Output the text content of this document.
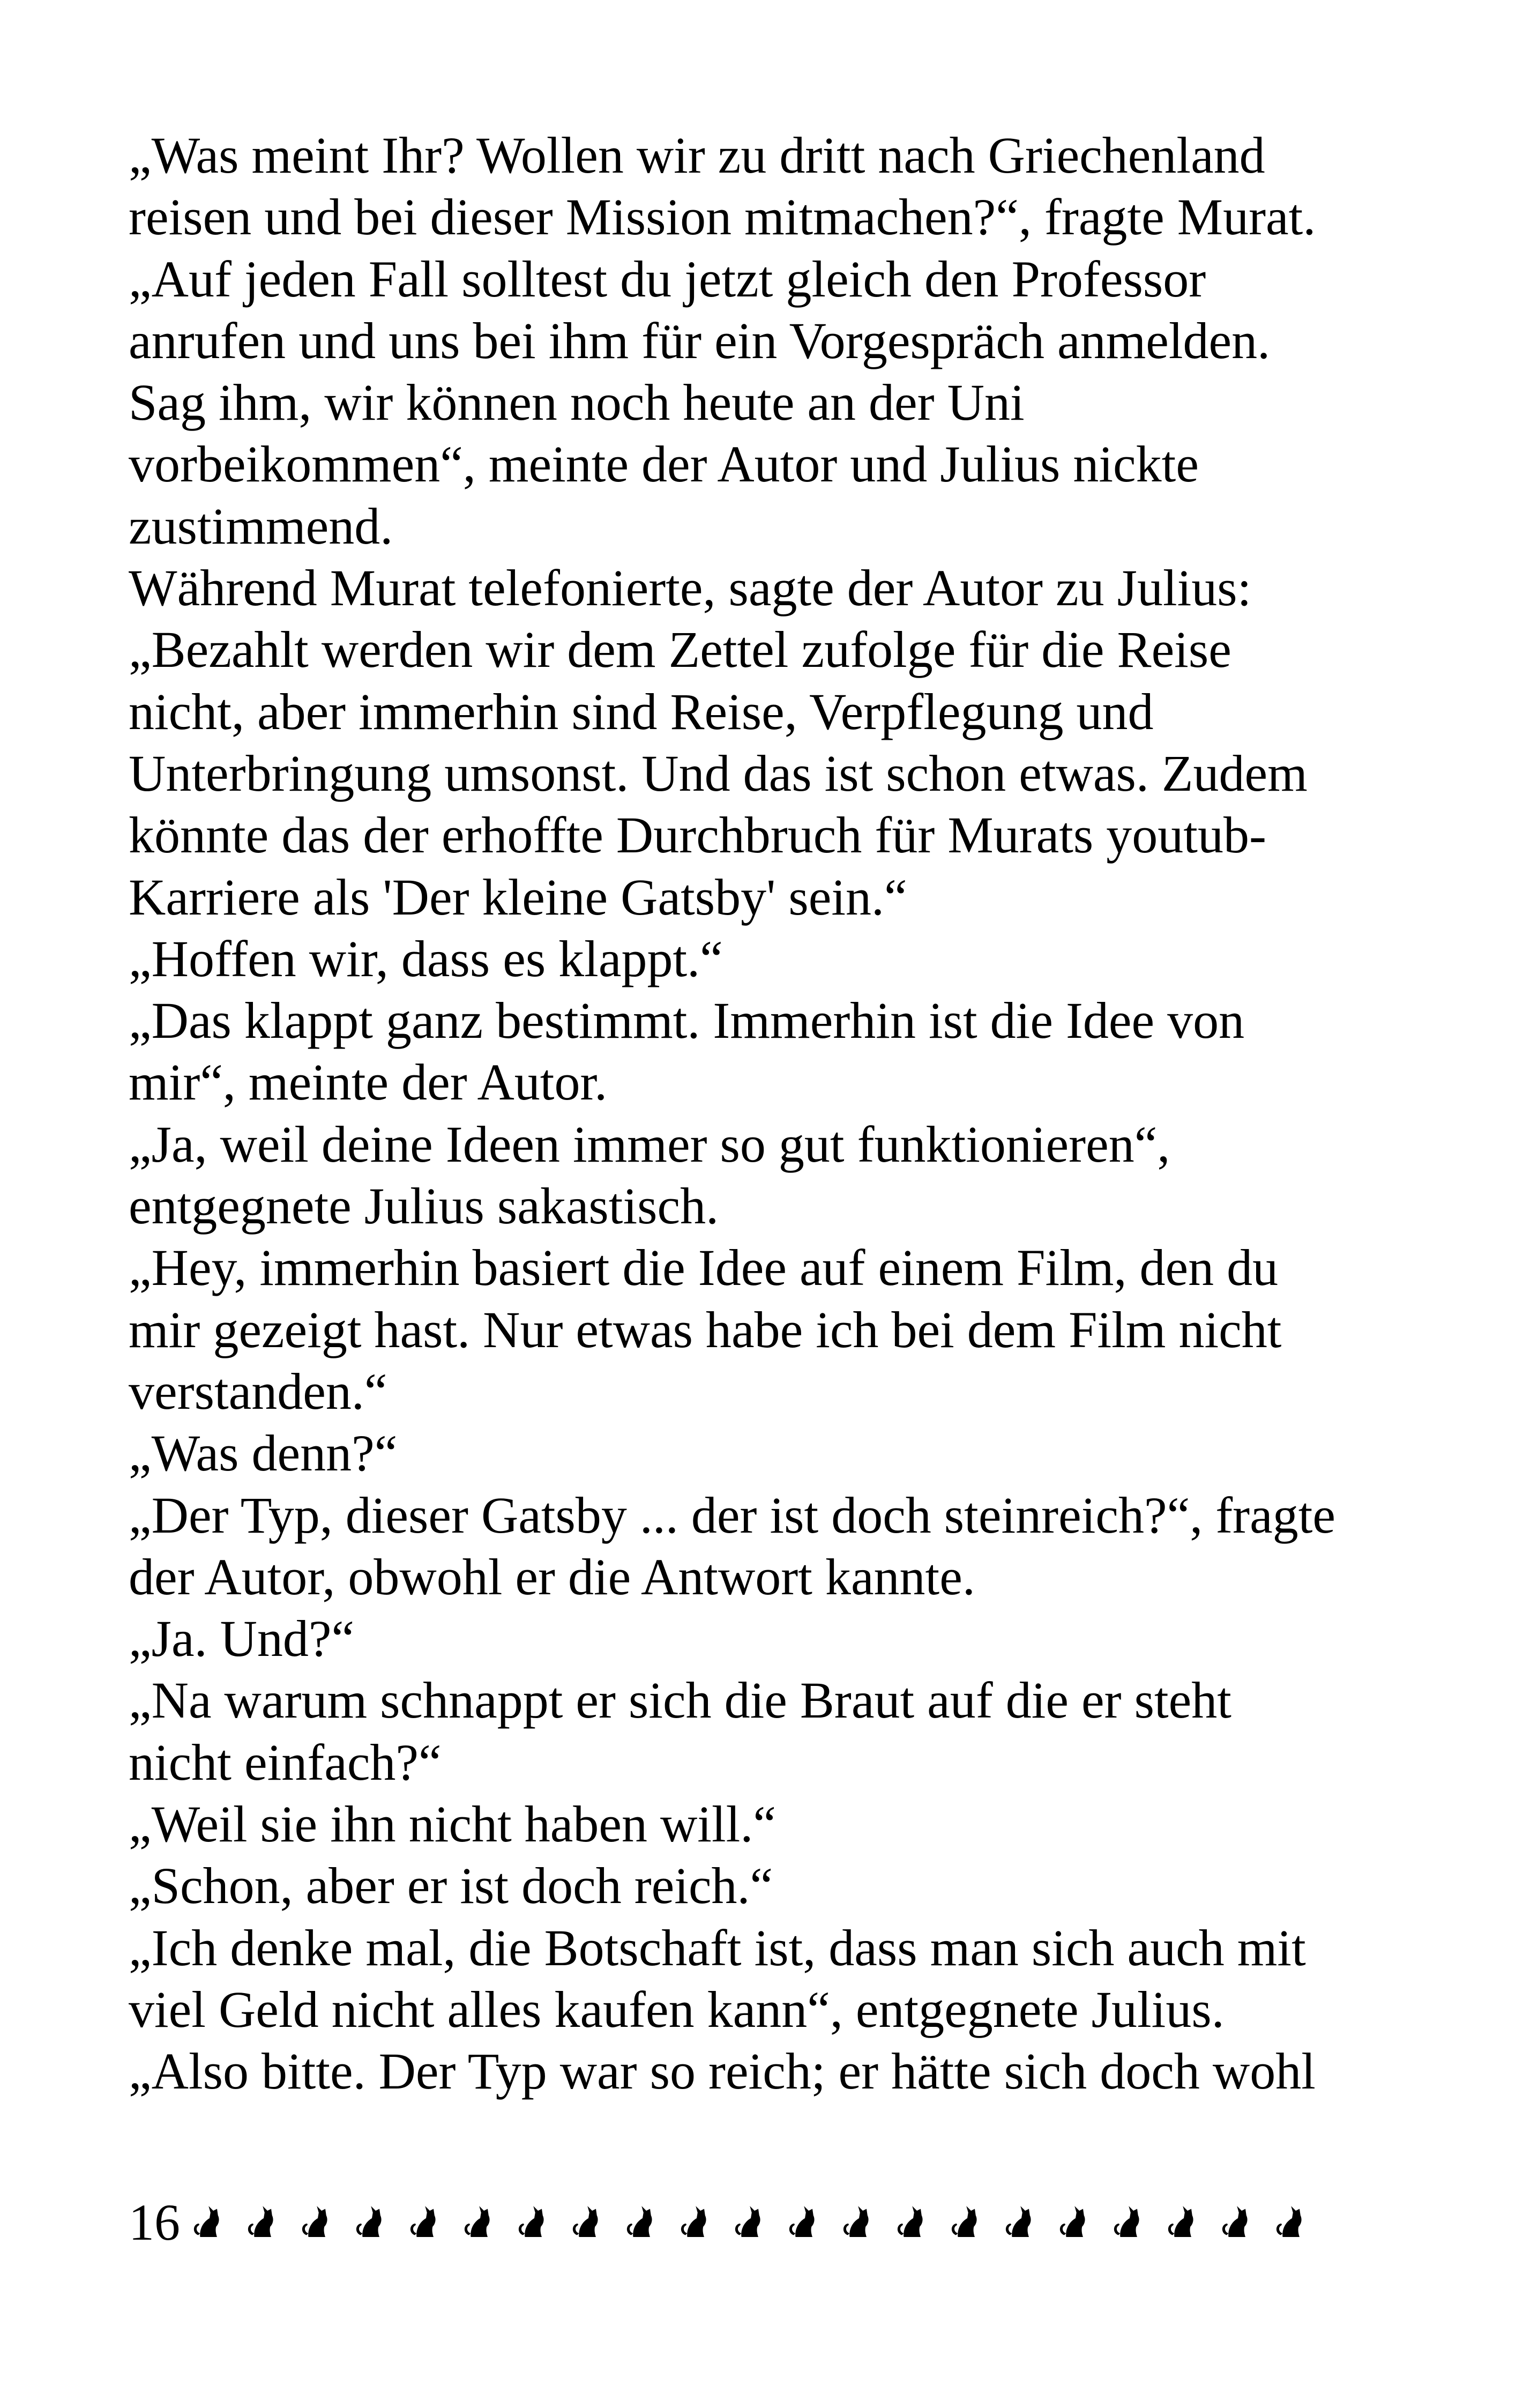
„Was meint Ihr? Wollen wir zu dritt nach Griechenland
reisen und bei dieser Mission mitmachen?“, fragte Murat.
„Auf jeden Fall solltest du jetzt gleich den Professor
anrufen und uns bei ihm für ein Vorgespräch anmelden.
Sag ihm, wir können noch heute an der Uni
vorbeikommen“, meinte der Autor und Julius nickte
zustimmend.
Während Murat telefonierte, sagte der Autor zu Julius:
„Bezahlt werden wir dem Zettel zufolge für die Reise
nicht, aber immerhin sind Reise, Verpflegung und
Unterbringung umsonst. Und das ist schon etwas. Zudem
könnte das der erhoffte Durchbruch für Murats youtub-
Karriere als 'Der kleine Gatsby' sein.“
„Hoffen wir, dass es klappt.“
„Das klappt ganz bestimmt. Immerhin ist die Idee von
mir“, meinte der Autor.
„Ja, weil deine Ideen immer so gut funktionieren“,
entgegnete Julius sakastisch.
„Hey, immerhin basiert die Idee auf einem Film, den du
mir gezeigt hast. Nur etwas habe ich bei dem Film nicht
verstanden.“
„Was denn?“
„Der Typ, dieser Gatsby ... der ist doch steinreich?“, fragte
der Autor, obwohl er die Antwort kannte.
„Ja. Und?“
„Na warum schnappt er sich die Braut auf die er steht
nicht einfach?“
„Weil sie ihn nicht haben will.“
„Schon, aber er ist doch reich.“
„Ich denke mal, die Botschaft ist, dass man sich auch mit
viel Geld nicht alles kaufen kann“, entgegnete Julius.
„Also bitte. Der Typ war so reich; er hätte sich doch wohl
16
